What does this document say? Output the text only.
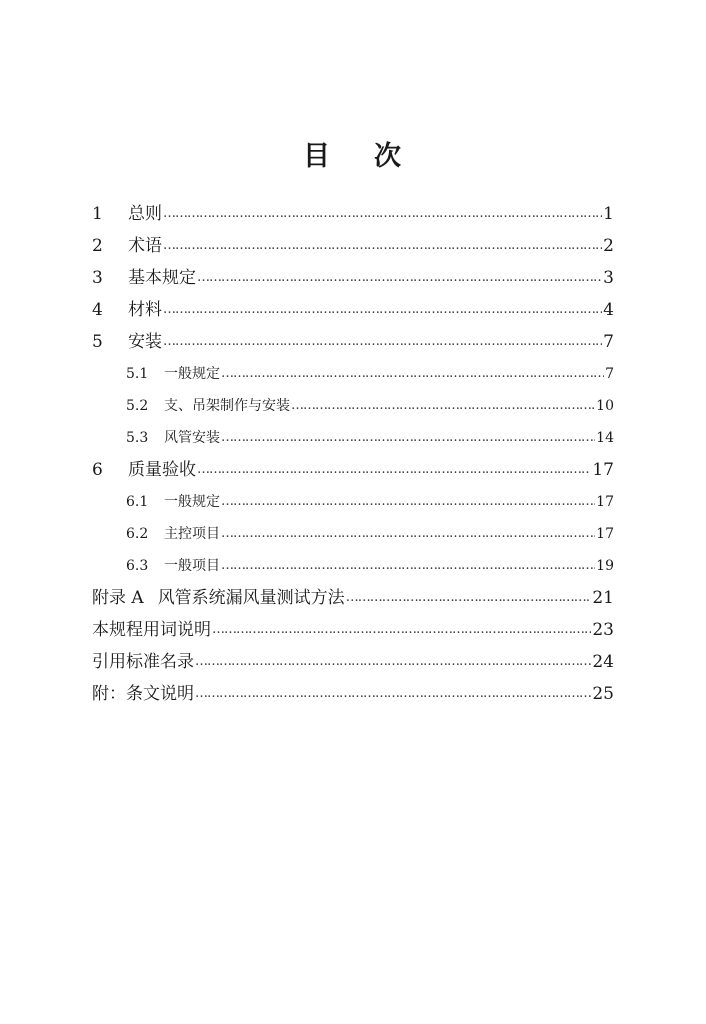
目 次
1	总则 …………………………………………………………………………………………………………………………………………………………………………………………………………………………………………	1
2	术语 …………………………………………………………………………………………………………………………………………………………………………………………………………………………………………	2
3	基本规定 …………………………………………………………………………………………………………………………………………………………………………………………………………………………………………	3
4	材料 …………………………………………………………………………………………………………………………………………………………………………………………………………………………………………	4
5	安装 …………………………………………………………………………………………………………………………………………………………………………………………………………………………………………	7
5.1	一般规定 …………………………………………………………………………………………………………………………………………………………………………………………………………………………………………	7
5.2	支、吊架制作与安装 …………………………………………………………………………………………………………………………………………………………………………………………………………………………………………	10
5.3	风管安装 …………………………………………………………………………………………………………………………………………………………………………………………………………………………………………	14
6	质量验收 …………………………………………………………………………………………………………………………………………………………………………………………………………………………………………	17
6.1	一般规定 …………………………………………………………………………………………………………………………………………………………………………………………………………………………………………	17
6.2	主控项目 …………………………………………………………………………………………………………………………………………………………………………………………………………………………………………	17
6.3	一般项目 …………………………………………………………………………………………………………………………………………………………………………………………………………………………………………	19
附录 A 风管系统漏风量测试方法 …………………………………………………………………………………………………………………………………………………………………………………………………………………………………………	21
本规程用词说明 …………………………………………………………………………………………………………………………………………………………………………………………………………………………………………	23
引用标准名录 …………………………………………………………………………………………………………………………………………………………………………………………………………………………………………	24
附：条文说明 …………………………………………………………………………………………………………………………………………………………………………………………………………………………………………	25
